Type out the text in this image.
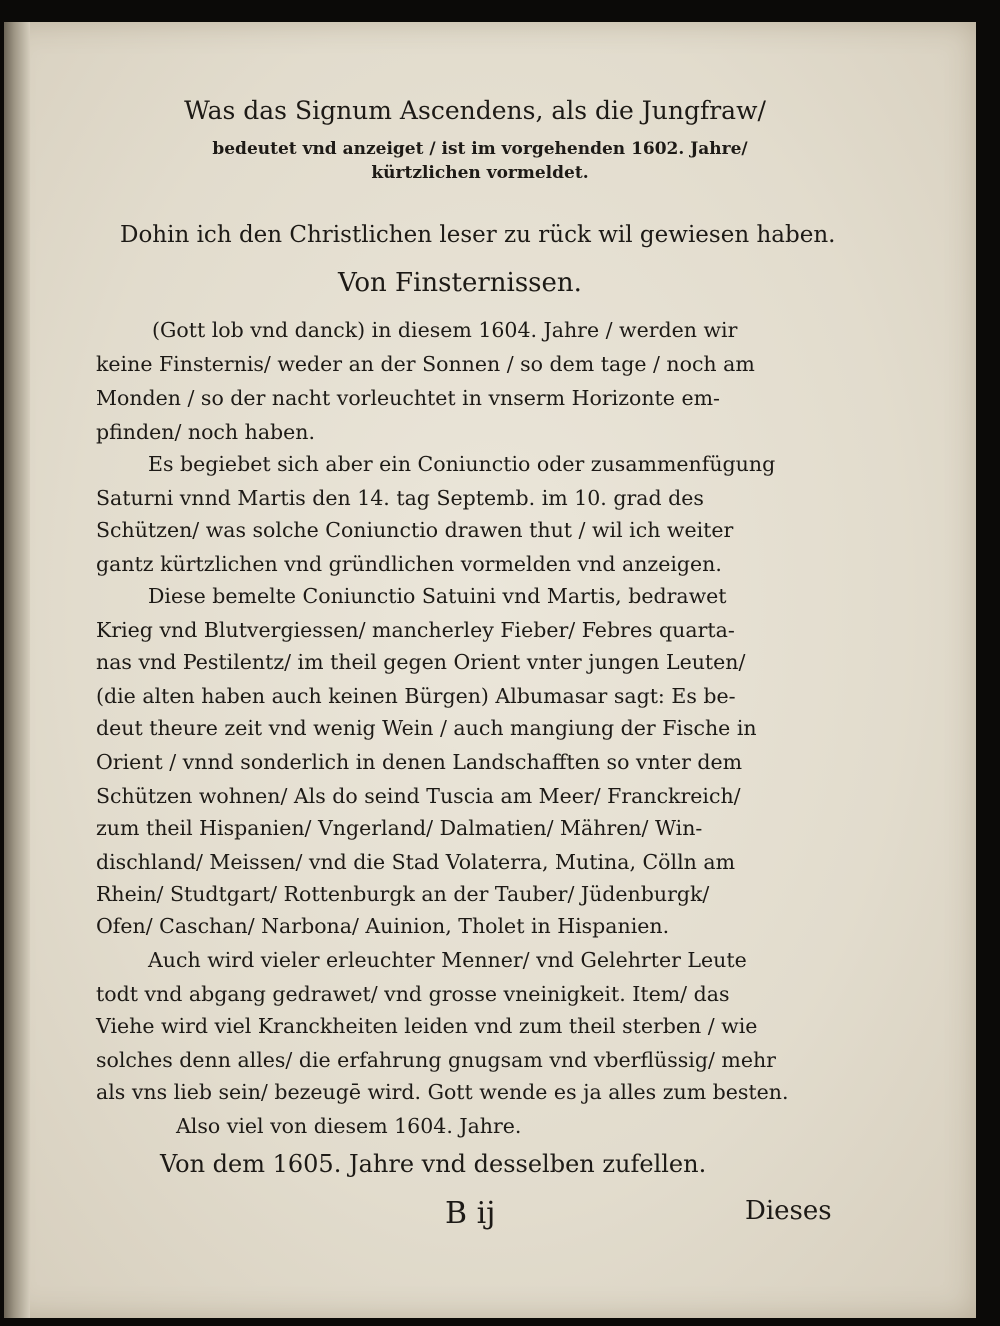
Was das Signum Ascendens, als die Jungfraw/
bedeutet vnd anzeiget / ist im vorgehenden 1602. Jahre/
kürtzlichen vormeldet.
Dohin ich den Christlichen leser zu rück wil gewiesen haben.
Von Finsternissen.
(Gott lob vnd danck) in diesem 1604. Jahre / werden wir
keine Finsternis/ weder an der Sonnen / so dem tage / noch am
Monden / so der nacht vorleuchtet in vnserm Horizonte em-
pfinden/ noch haben.
Es begiebet sich aber ein Coniunctio oder zusammenfügung
Saturni vnnd Martis den 14. tag Septemb. im 10. grad des
Schützen/ was solche Coniunctio drawen thut / wil ich weiter
gantz kürtzlichen vnd gründlichen vormelden vnd anzeigen.
Diese bemelte Coniunctio Satuini vnd Martis, bedrawet
Krieg vnd Blutvergiessen/ mancherley Fieber/ Febres quarta-
nas vnd Pestilentz/ im theil gegen Orient vnter jungen Leuten/
(die alten haben auch keinen Bürgen) Albumasar sagt: Es be-
deut theure zeit vnd wenig Wein / auch mangiung der Fische in
Orient / vnnd sonderlich in denen Landschafften so vnter dem
Schützen wohnen/ Als do seind Tuscia am Meer/ Franckreich/
zum theil Hispanien/ Vngerland/ Dalmatien/ Mähren/ Win-
dischland/ Meissen/ vnd die Stad Volaterra, Mutina, Cölln am
Rhein/ Studtgart/ Rottenburgk an der Tauber/ Jüdenburgk/
Ofen/ Caschan/ Narbona/ Auinion, Tholet in Hispanien.
Auch wird vieler erleuchter Menner/ vnd Gelehrter Leute
todt vnd abgang gedrawet/ vnd grosse vneinigkeit. Item/ das
Viehe wird viel Kranckheiten leiden vnd zum theil sterben / wie
solches denn alles/ die erfahrung gnugsam vnd vberflüssig/ mehr
als vns lieb sein/ bezeugē wird. Gott wende es ja alles zum besten.
Also viel von diesem 1604. Jahre.
Von dem 1605. Jahre vnd desselben zufellen.
B ij	Dieses
